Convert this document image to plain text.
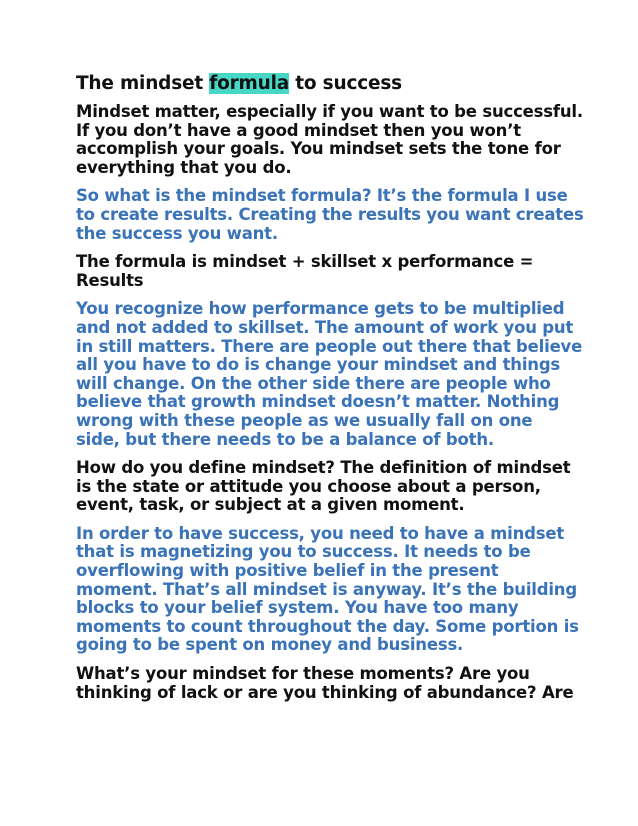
The mindset formula to success

Mindset matter, especially if you want to be successful.
If you don’t have a good mindset then you won’t
accomplish your goals. You mindset sets the tone for
everything that you do.

So what is the mindset formula? It’s the formula I use
to create results. Creating the results you want creates
the success you want.

The formula is mindset + skillset x performance =
Results

You recognize how performance gets to be multiplied
and not added to skillset. The amount of work you put
in still matters. There are people out there that believe
all you have to do is change your mindset and things
will change. On the other side there are people who
believe that growth mindset doesn’t matter. Nothing
wrong with these people as we usually fall on one
side, but there needs to be a balance of both.

How do you define mindset? The definition of mindset
is the state or attitude you choose about a person,
event, task, or subject at a given moment.

In order to have success, you need to have a mindset
that is magnetizing you to success. It needs to be
overflowing with positive belief in the present
moment. That’s all mindset is anyway. It’s the building
blocks to your belief system. You have too many
moments to count throughout the day. Some portion is
going to be spent on money and business.

What’s your mindset for these moments? Are you
thinking of lack or are you thinking of abundance? Are
